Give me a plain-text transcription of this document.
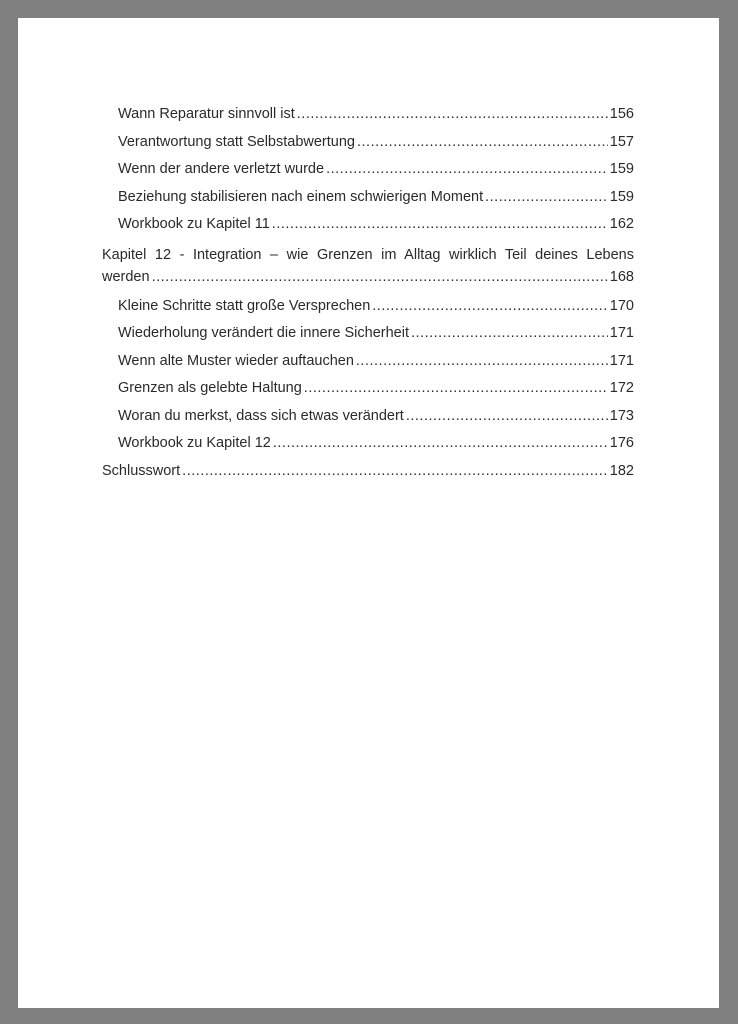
Wann Reparatur sinnvoll ist .....	156
Verantwortung statt Selbstabwertung .....	157
Wenn der andere verletzt wurde .....	159
Beziehung stabilisieren nach einem schwierigen Moment .....	159
Workbook zu Kapitel 11 .....	162
Kapitel 12 - Integration – wie Grenzen im Alltag wirklich Teil deines Lebens
werden .....	168
Kleine Schritte statt große Versprechen .....	170
Wiederholung verändert die innere Sicherheit .....	171
Wenn alte Muster wieder auftauchen .....	171
Grenzen als gelebte Haltung .....	172
Woran du merkst, dass sich etwas verändert .....	173
Workbook zu Kapitel 12 .....	176
Schlusswort .....	182
